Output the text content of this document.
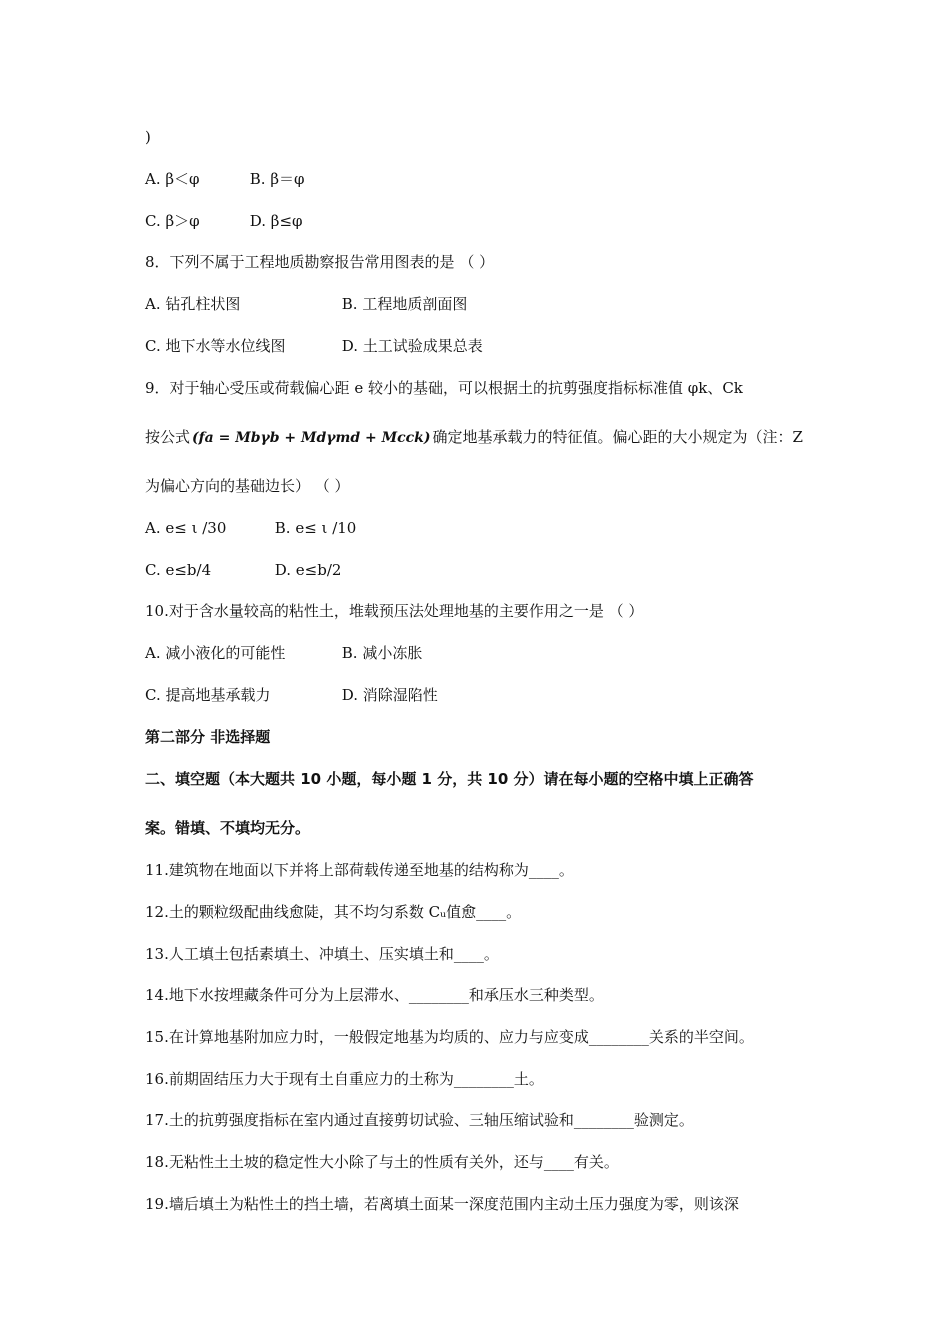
)
A. β＜φ	B. β＝φ
C. β＞φ	D. β≤φ
8．下列不属于工程地质勘察报告常用图表的是 （ ）
A. 钻孔柱状图	B. 工程地质剖面图
C. 地下水等水位线图	D. 土工试验成果总表
9．对于轴心受压或荷载偏心距 e 较小的基础，可以根据土的抗剪强度指标标准值 φk、Ck
按公式 (fa = Mbγb + Mdγmd + Mcck) 确定地基承载力的特征值。偏心距的大小规定为（注：Z
为偏心方向的基础边长） （ ）
A. e≤ ι /30	B. e≤ ι /10
C. e≤b/4	D. e≤b/2
10.对于含水量较高的粘性土，堆载预压法处理地基的主要作用之一是 （ ）
A. 减小液化的可能性	B. 减小冻胀
C. 提高地基承载力	D. 消除湿陷性
第二部分 非选择题
二、填空题（本大题共 10 小题，每小题 1 分，共 10 分）请在每小题的空格中填上正确答
案。错填、不填均无分。
11.建筑物在地面以下并将上部荷载传递至地基的结构称为____。
12.土的颗粒级配曲线愈陡，其不均匀系数 Cᵤ值愈____。
13.人工填土包括素填土、冲填土、压实填土和____。
14.地下水按埋藏条件可分为上层滞水、________和承压水三种类型。
15.在计算地基附加应力时，一般假定地基为均质的、应力与应变成________关系的半空间。
16.前期固结压力大于现有土自重应力的土称为________土。
17.土的抗剪强度指标在室内通过直接剪切试验、三轴压缩试验和________验测定。
18.无粘性土土坡的稳定性大小除了与土的性质有关外，还与____有关。
19.墙后填土为粘性土的挡土墙，若离填土面某一深度范围内主动土压力强度为零，则该深
